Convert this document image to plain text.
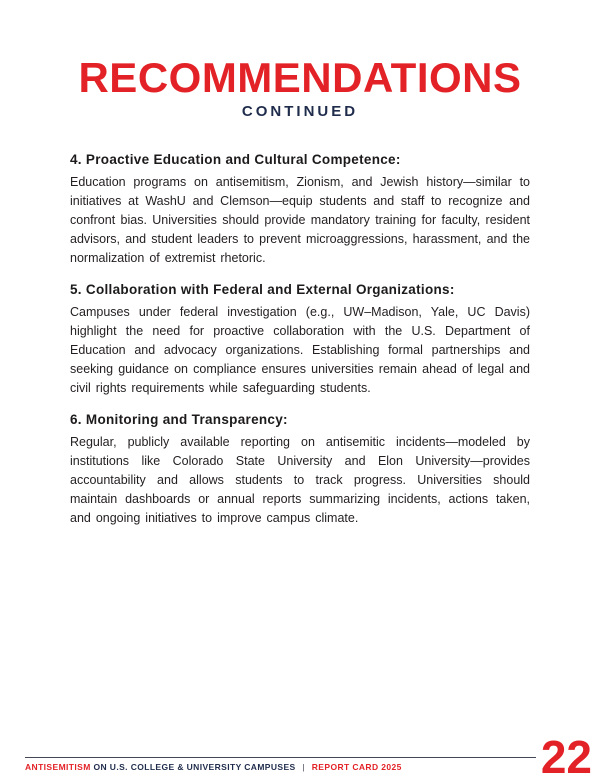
RECOMMENDATIONS
CONTINUED
4. Proactive Education and Cultural Competence:

Education programs on antisemitism, Zionism, and Jewish history—similar to initiatives at WashU and Clemson—equip students and staff to recognize and confront bias. Universities should provide mandatory training for faculty, resident advisors, and student leaders to prevent microaggressions, harassment, and the normalization of extremist rhetoric.

5. Collaboration with Federal and External Organizations:

Campuses under federal investigation (e.g., UW–Madison, Yale, UC Davis) highlight the need for proactive collaboration with the U.S. Department of Education and advocacy organizations. Establishing formal partnerships and seeking guidance on compliance ensures universities remain ahead of legal and civil rights requirements while safeguarding students.

6. Monitoring and Transparency:

Regular, publicly available reporting on antisemitic incidents—modeled by institutions like Colorado State University and Elon University—provides accountability and allows students to track progress. Universities should maintain dashboards or annual reports summarizing incidents, actions taken, and ongoing initiatives to improve campus climate.

ANTISEMITISM ON U.S. COLLEGE & UNIVERSITY CAMPUSES | REPORT CARD 2025	22
